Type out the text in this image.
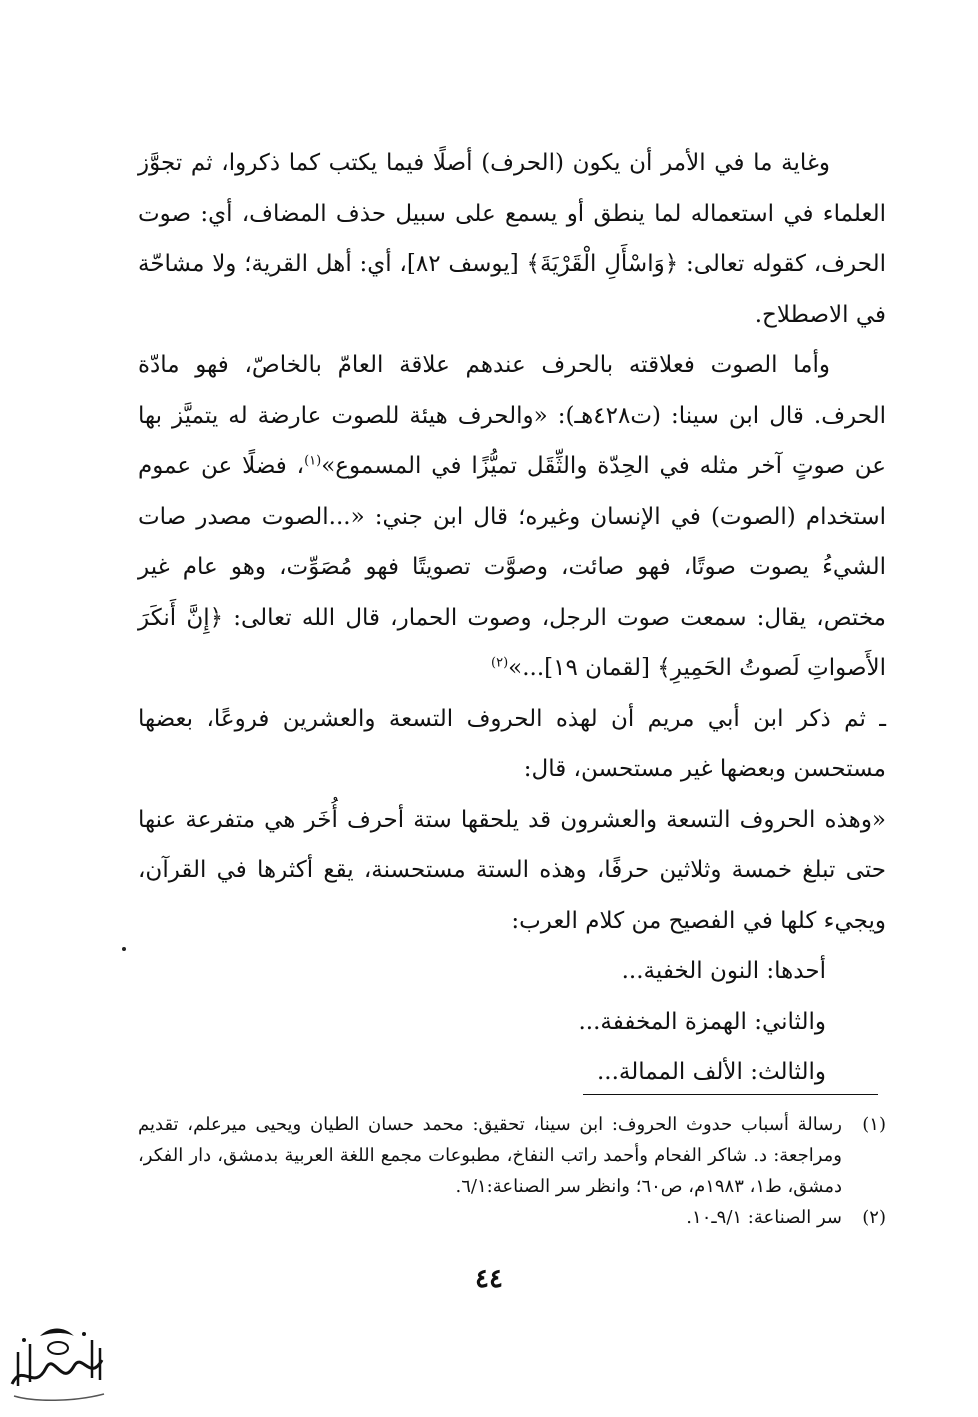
وغاية ما في الأمر أن يكون (الحرف) أصلًا فيما يكتب كما ذكروا، ثم تجوَّز العلماء في استعماله لما ينطق أو يسمع على سبيل حذف المضاف، أي: صوت الحرف، كقوله تعالى: ﴿وَاسْأَلِ الْقَرْيَةَ﴾ [يوسف ٨٢]، أي: أهل القرية؛ ولا مشاحّة في الاصطلاح.

وأما الصوت فعلاقته بالحرف عندهم علاقة العامّ بالخاصّ، فهو مادّة الحرف. قال ابن سينا: (ت٤٢٨هـ): «والحرف هيئة للصوت عارضة له يتميَّز بها عن صوتٍ آخر مثله في الحِدّة والثِّقَل تميُّزًا في المسموع»$^{(١)}$، فضلًا عن عموم استخدام (الصوت) في الإنسان وغيره؛ قال ابن جني: «...الصوت مصدر صات الشيءُ يصوت صوتًا، فهو صائت، وصوَّت تصويتًا فهو مُصَوِّت، وهو عام غير مختص، يقال: سمعت صوت الرجل، وصوت الحمار، قال الله تعالى: ﴿إِنَّ أَنكَرَ الأَصواتِ لَصوتُ الحَمِيرِ﴾ [لقمان ١٩]...»$^{(٢)}$

ـ ثم ذكر ابن أبي مريم أن لهذه الحروف التسعة والعشرين فروعًا، بعضها مستحسن وبعضها غير مستحسن، قال:

«وهذه الحروف التسعة والعشرون قد يلحقها ستة أحرف أُخَر هي متفرعة عنها حتى تبلغ خمسة وثلاثين حرفًا، وهذه الستة مستحسنة، يقع أكثرها في القرآن، ويجيء كلها في الفصيح من كلام العرب:

أحدها: النون الخفية...

والثاني: الهمزة المخففة...

والثالث: الألف الممالة...

(١)
رسالة أسباب حدوث الحروف: ابن سينا، تحقيق: محمد حسان الطيان ويحيى ميرعلم، تقديم ومراجعة: د. شاكر الفحام وأحمد راتب النفاخ، مطبوعات مجمع اللغة العربية بدمشق، دار الفكر، دمشق، ط١، ١٩٨٣م، ص٦٠؛ وانظر سر الصناعة:٦/١.
(٢)
سر الصناعة: ٩/١ـ١٠.
٤٤
